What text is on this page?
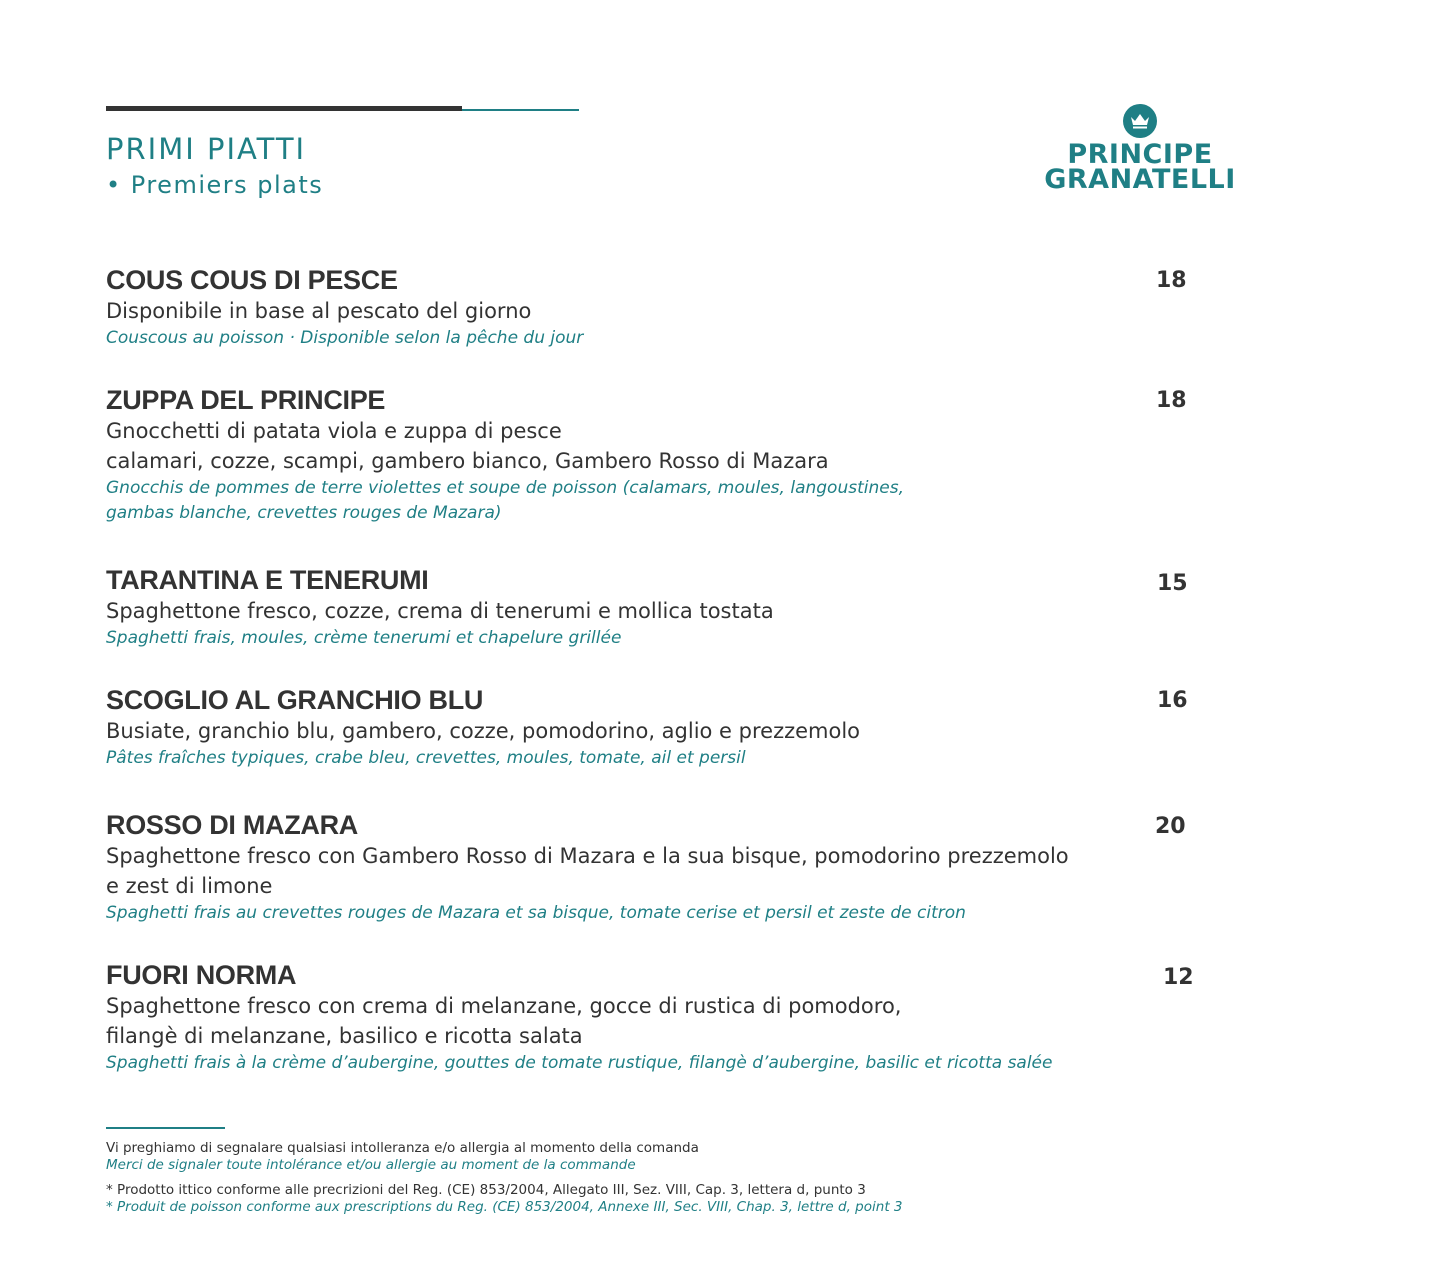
PRIMI PIATTI
• Premiers plats
PRINCIPE
GRANATELLI
COUS COUS DI PESCE
Disponibile in base al pescato del giorno
Couscous au poisson · Disponible selon la pêche du jour
18
ZUPPA DEL PRINCIPE
Gnocchetti di patata viola e zuppa di pesce
calamari, cozze, scampi, gambero bianco, Gambero Rosso di Mazara
Gnocchis de pommes de terre violettes et soupe de poisson (calamars, moules, langoustines,
gambas blanche, crevettes rouges de Mazara)
18
TARANTINA E TENERUMI
Spaghettone fresco, cozze, crema di tenerumi e mollica tostata
Spaghetti frais, moules, crème tenerumi et chapelure grillée
15
SCOGLIO AL GRANCHIO BLU
Busiate, granchio blu, gambero, cozze, pomodorino, aglio e prezzemolo
Pâtes fraîches typiques, crabe bleu, crevettes, moules, tomate, ail et persil
16
ROSSO DI MAZARA
Spaghettone fresco con Gambero Rosso di Mazara e la sua bisque, pomodorino prezzemolo
e zest di limone
Spaghetti frais au crevettes rouges de Mazara et sa bisque, tomate cerise et persil et zeste de citron
20
FUORI NORMA
Spaghettone fresco con crema di melanzane, gocce di rustica di pomodoro,
filangè di melanzane, basilico e ricotta salata
Spaghetti frais à la crème d’aubergine, gouttes de tomate rustique, filangè d’aubergine, basilic et ricotta salée
12
Vi preghiamo di segnalare qualsiasi intolleranza e/o allergia al momento della comanda
Merci de signaler toute intolérance et/ou allergie au moment de la commande
* Prodotto ittico conforme alle precrizioni del Reg. (CE) 853/2004, Allegato III, Sez. VIII, Cap. 3, lettera d, punto 3
* Produit de poisson conforme aux prescriptions du Reg. (CE) 853/2004, Annexe III, Sec. VIII, Chap. 3, lettre d, point 3
